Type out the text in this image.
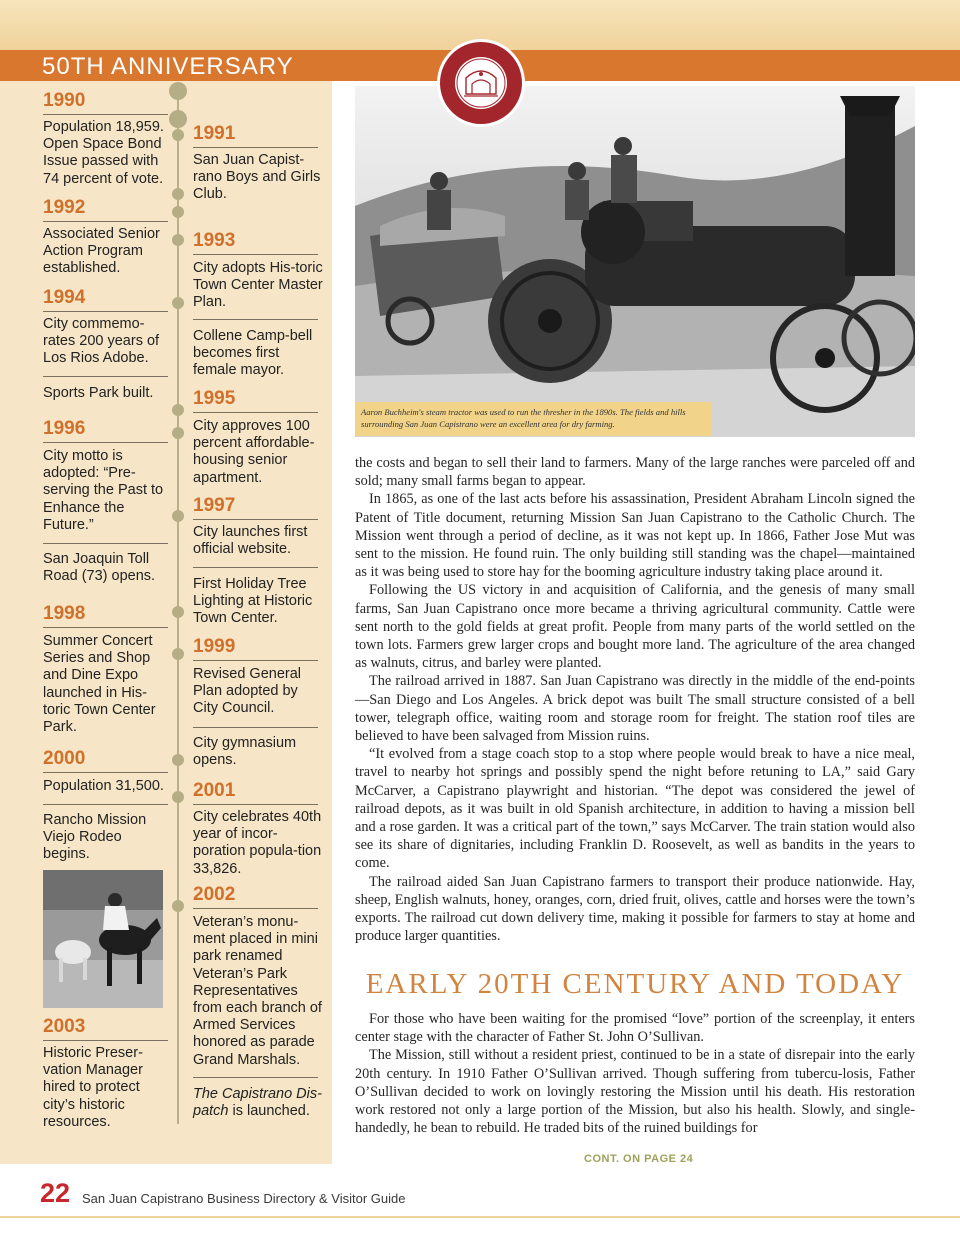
50TH ANNIVERSARY
1990
Population 18,959. Open Space Bond Issue passed with 74 percent of vote.
1992
Associated Senior Action Program established.
1994
City commemo-rates 200 years of Los Rios Adobe.
Sports Park built.
1996
City motto is adopted: “Pre-serving the Past to Enhance the Future.”
San Joaquin Toll Road (73) opens.
1998
Summer Concert Series and Shop and Dine Expo launched in His-toric Town Center Park.
2000
Population 31,500.
Rancho Mission Viejo Rodeo begins.
2003
Historic Preser-vation Manager hired to protect city’s historic resources.
1991
San Juan Capist-rano Boys and Girls Club.
1993
City adopts His-toric Town Center Master Plan.
Collene Camp-bell becomes first female mayor.
1995
City approves 100 percent affordable-housing senior apartment.
1997
City launches first official website.
First Holiday Tree Lighting at Historic Town Center.
1999
Revised General Plan adopted by City Council.
City gymnasium opens.
2001
City celebrates 40th year of incor-poration popula-tion 33,826.
2002
Veteran’s monu-ment placed in mini park renamed Veteran’s Park Representatives from each branch of Armed Services honored as parade Grand Marshals.
The Capistrano Dis-patch is launched.
Aaron Buchheim's steam tractor was used to run the thresher in the 1890s. The fields and hills surrounding San Juan Capistrano were an excellent area for dry farming.

the costs and began to sell their land to farmers. Many of the large ranches were parceled off and sold; many small farms began to appear.

In 1865, as one of the last acts before his assassination, President Abraham Lincoln signed the Patent of Title document, returning Mission San Juan Capistrano to the Catholic Church. The Mission went through a period of decline, as it was not kept up. In 1866, Father Jose Mut was sent to the mission. He found ruin. The only building still standing was the chapel—maintained as it was being used to store hay for the booming agriculture industry taking place around it.

Following the US victory in and acquisition of California, and the genesis of many small farms, San Juan Capistrano once more became a thriving agricultural community. Cattle were sent north to the gold fields at great profit. People from many parts of the world settled on the town lots. Farmers grew larger crops and bought more land. The agriculture of the area changed as walnuts, citrus, and barley were planted.

The railroad arrived in 1887. San Juan Capistrano was directly in the middle of the end-points—San Diego and Los Angeles. A brick depot was built The small structure consisted of a bell tower, telegraph office, waiting room and storage room for freight. The station roof tiles are believed to have been salvaged from Mission ruins.

“It evolved from a stage coach stop to a stop where people would break to have a nice meal, travel to nearby hot springs and possibly spend the night before retuning to LA,” said Gary McCarver, a Capistrano playwright and historian. “The depot was considered the jewel of railroad depots, as it was built in old Spanish architecture, in addition to having a mission bell and a rose garden. It was a critical part of the town,” says McCarver. The train station would also see its share of dignitaries, including Franklin D. Roosevelt, as well as bandits in the years to come.

The railroad aided San Juan Capistrano farmers to transport their produce nationwide. Hay, sheep, English walnuts, honey, oranges, corn, dried fruit, olives, cattle and horses were the town’s exports. The railroad cut down delivery time, making it possible for farmers to stay at home and produce larger quantities.

EARLY 20TH CENTURY AND TODAY

For those who have been waiting for the promised “love” portion of the screenplay, it enters center stage with the character of Father St. John O’Sullivan.

The Mission, still without a resident priest, continued to be in a state of disrepair into the early 20th century. In 1910 Father O’Sullivan arrived. Though suffering from tubercu-losis, Father O’Sullivan decided to work on lovingly restoring the Mission until his death. His restoration work restored not only a large portion of the Mission, but also his health. Slowly, and single-handedly, he bean to rebuild. He traded bits of the ruined buildings for

CONT. ON PAGE 24
22 San Juan Capistrano Business Directory & Visitor Guide
